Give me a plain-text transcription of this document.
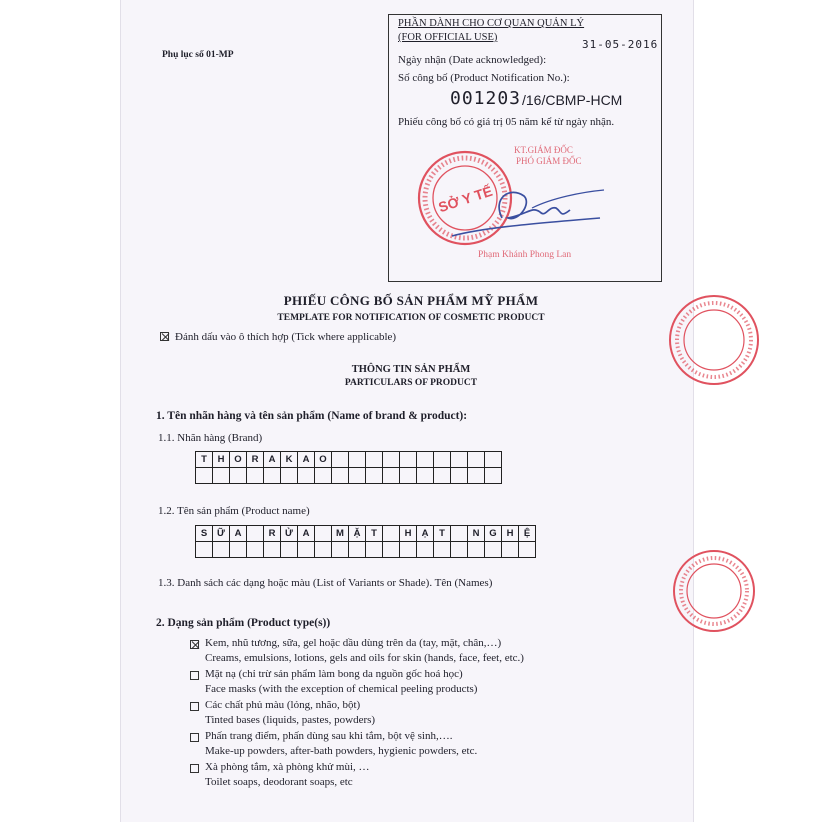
Phụ lục số 01-MP
PHẦN DÀNH CHO CƠ QUAN QUẢN LÝ
(FOR OFFICIAL USE)
31-05-2016
Ngày nhận (Date acknowledged):
Số công bố (Product Notification No.):
001203 /16/CBMP-HCM
Phiếu công bố có giá trị 05 năm kể từ ngày nhận.
SỞ Y TẾ
KT.GIÁM ĐỐC
PHÓ GIÁM ĐỐC
Phạm Khánh Phong Lan
PHIẾU CÔNG BỐ SẢN PHẨM MỸ PHẨM
TEMPLATE FOR NOTIFICATION OF COSMETIC PRODUCT
Đánh dấu vào ô thích hợp (Tick where applicable)
THÔNG TIN SẢN PHẨM
PARTICULARS OF PRODUCT
1. Tên nhãn hàng và tên sản phẩm (Name of brand & product):
1.1. Nhãn hàng (Brand)
T	H	O	R	A	K	A	O
1.2. Tên sản phẩm (Product name)
S	Ữ	A	R	Ử	A	M	Ặ	T	H	Ạ	T	N	G	H	Ệ
1.3. Danh sách các dạng hoặc màu (List of Variants or Shade). Tên (Names)
2. Dạng sản phẩm (Product type(s))
Kem, nhũ tương, sữa, gel hoặc dầu dùng trên da (tay, mặt, chân,…)
Creams, emulsions, lotions, gels and oils for skin (hands, face, feet, etc.)
Mặt nạ (chỉ trừ sản phẩm làm bong da nguồn gốc hoá học)
Face masks (with the exception of chemical peeling products)
Các chất phủ màu (lỏng, nhão, bột)
Tinted bases (liquids, pastes, powders)
Phấn trang điểm, phấn dùng sau khi tắm, bột vệ sinh,….
Make-up powders, after-bath powders, hygienic powders, etc.
Xà phòng tắm, xà phòng khử mùi, …
Toilet soaps, deodorant soaps, etc
